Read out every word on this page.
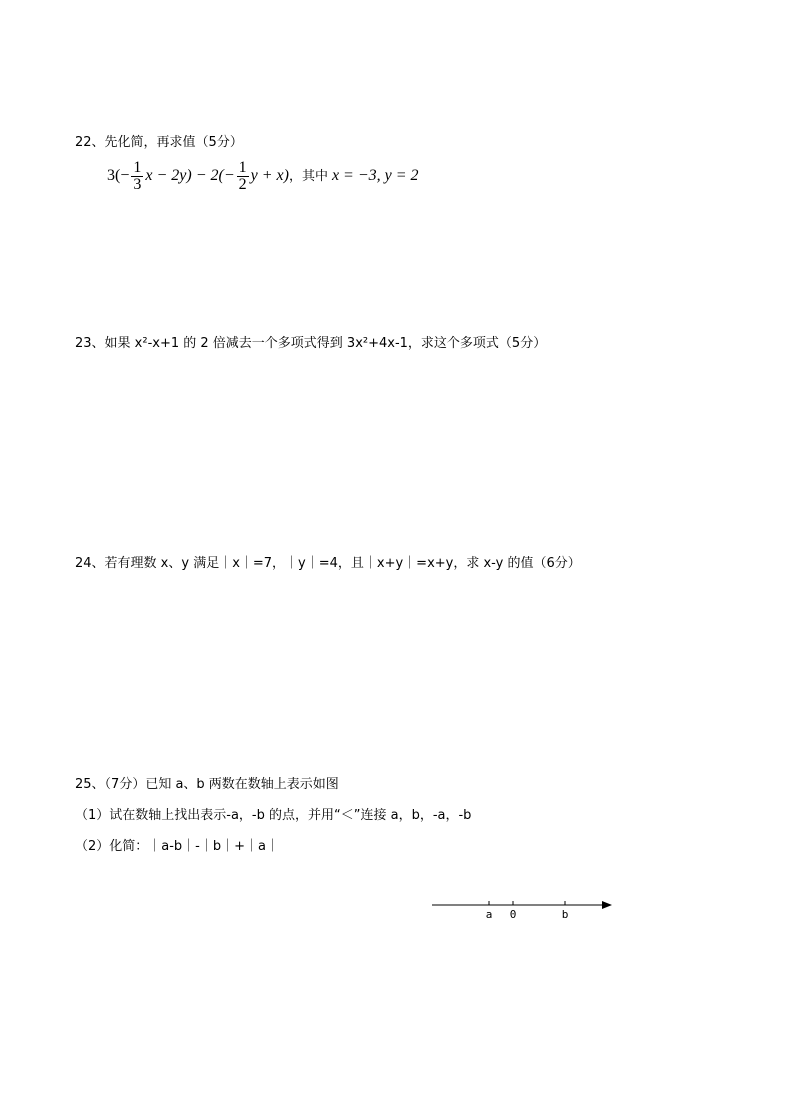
22、先化简，再求值（5分）
$3(- \frac{1}{3}$ $x - 2y) - 2(- \frac{1}{2}$ y + x)，其中 x = −3, y = 2
23、如果 x²-x+1 的 2 倍减去一个多项式得到 3x²+4x-1，求这个多项式（5分）
24、若有理数 x、y 满足｜x｜=7，｜y｜=4，且｜x+y｜=x+y，求 x-y 的值（6分）
25、（7分）已知 a、b 两数在数轴上表示如图
（1）试在数轴上找出表示-a，-b 的点，并用“＜”连接 a，b，-a，-b
（2）化简：｜a-b｜-｜b｜+｜a｜
a 0	b
